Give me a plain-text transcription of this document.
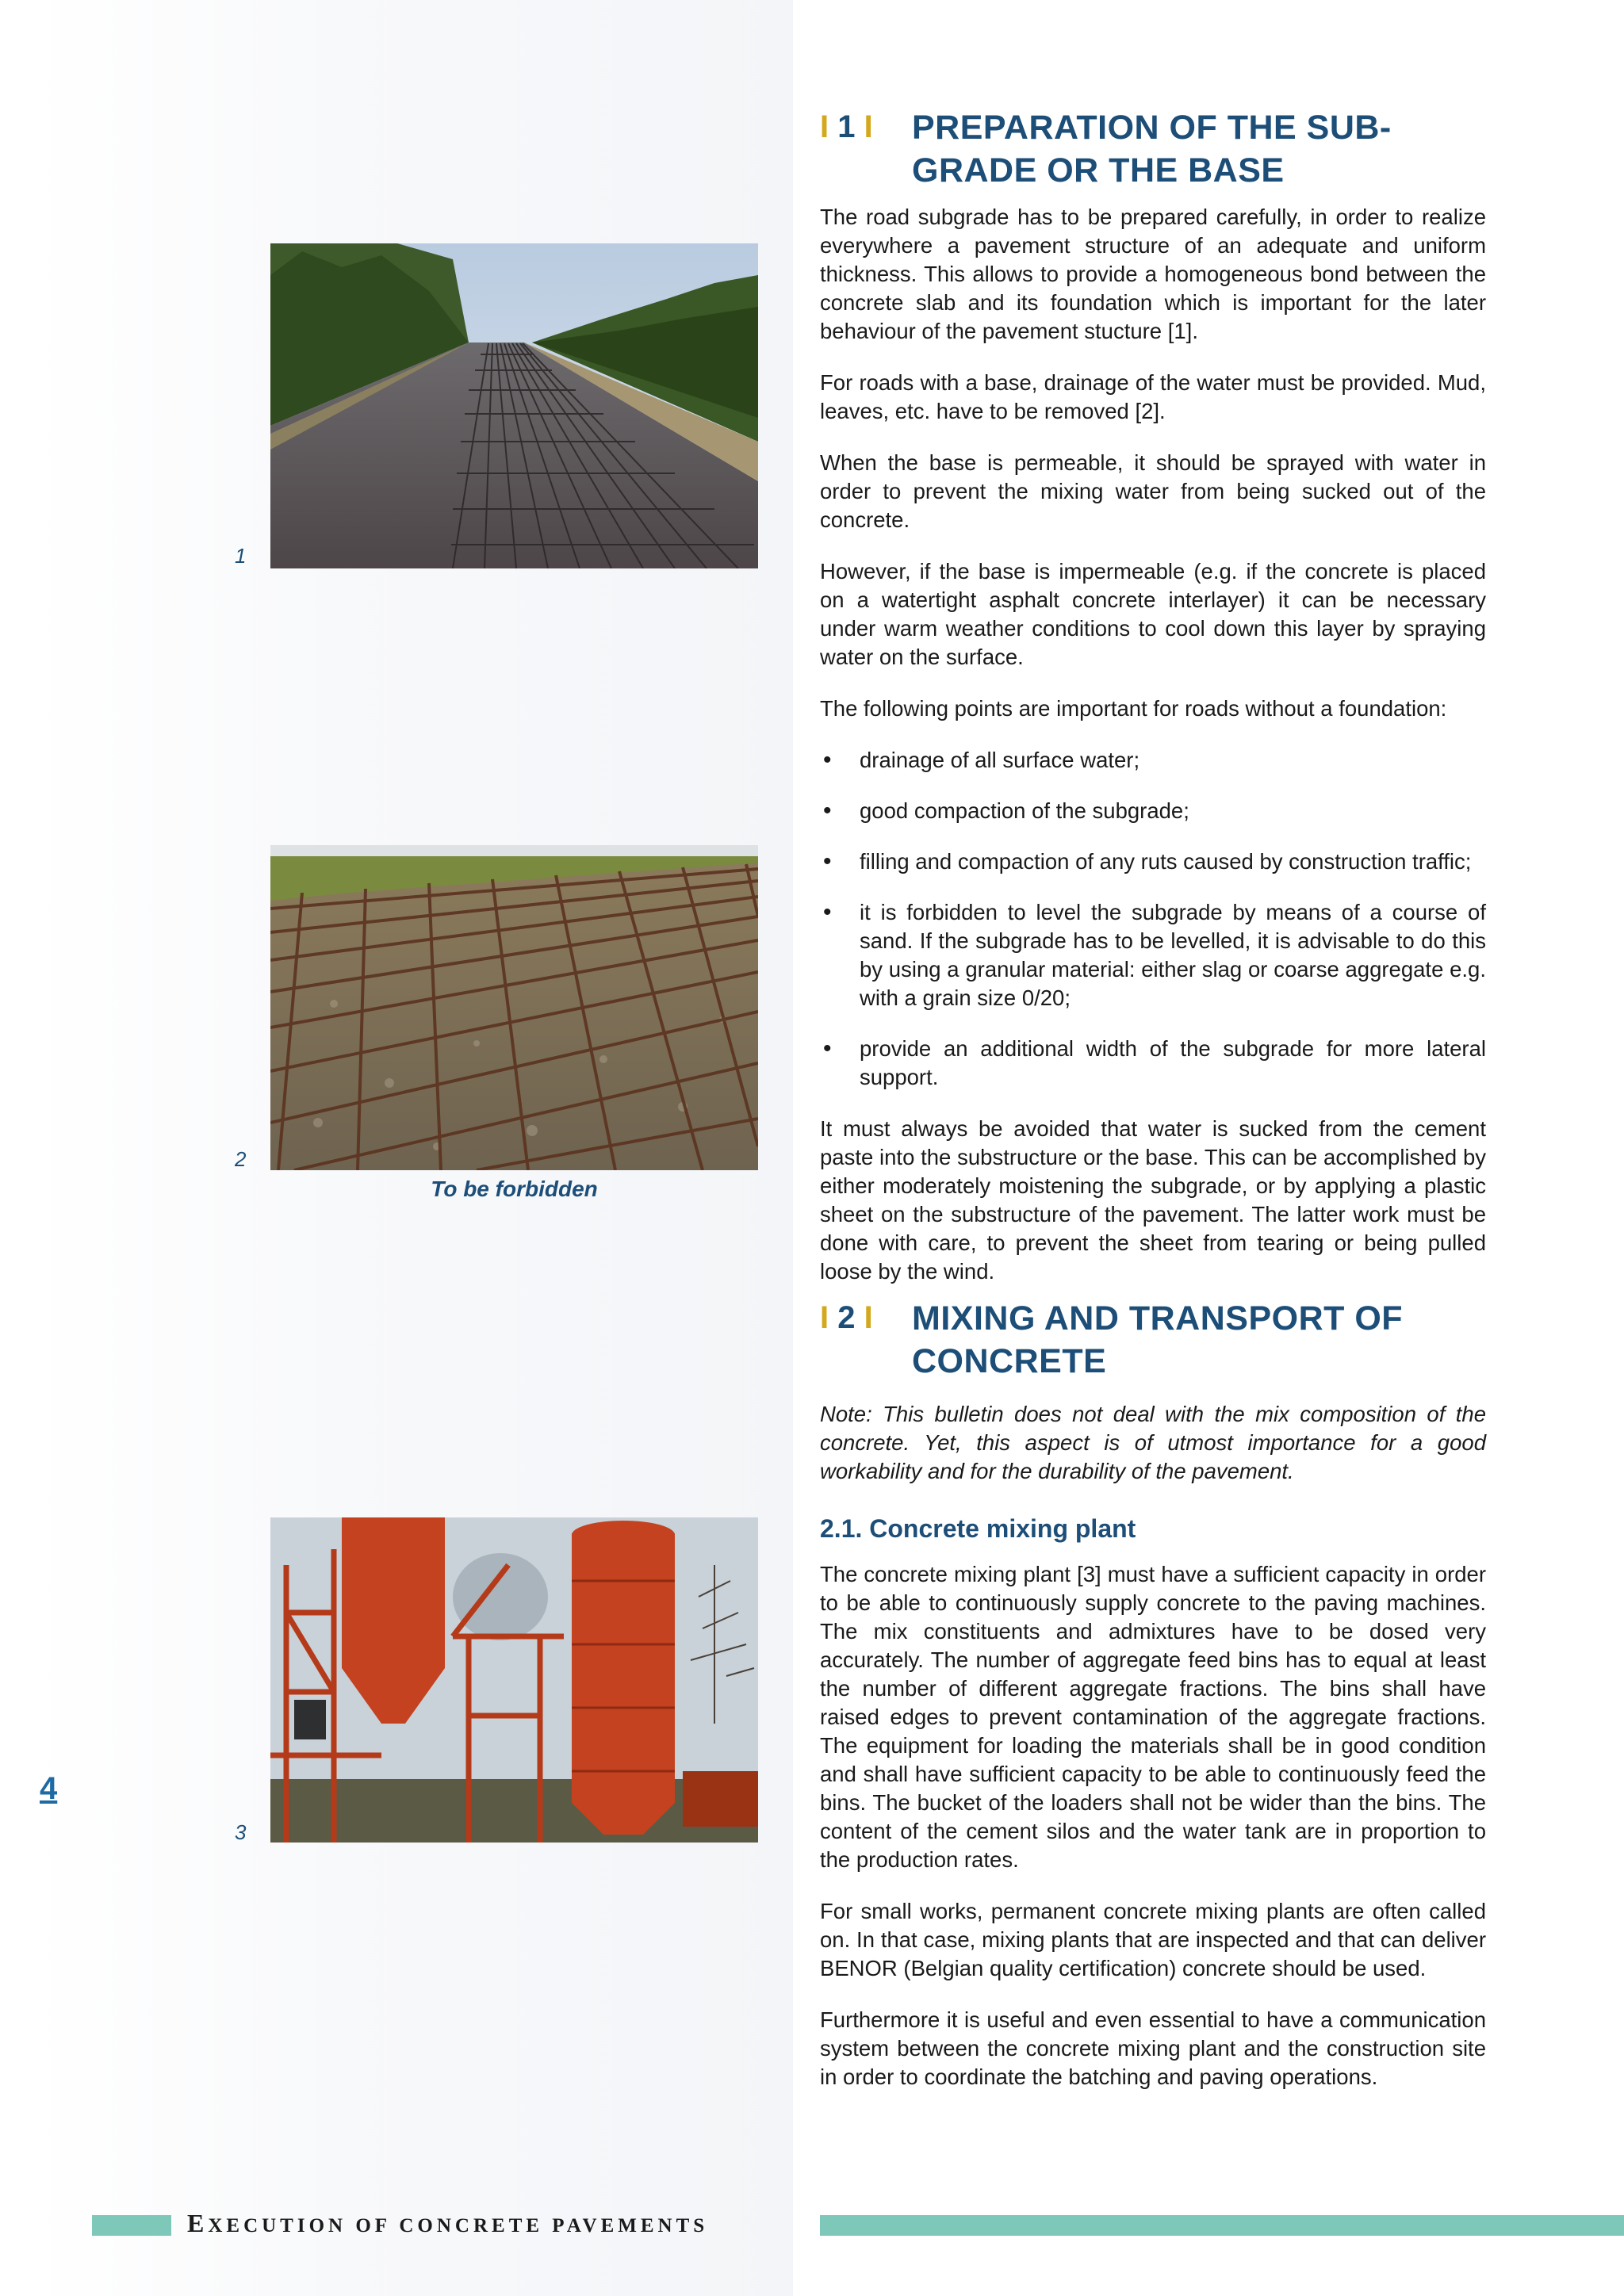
1
2
To be forbidden
3
4
I 1 I	PREPARATION OF THE SUB-
GRADE OR THE BASE

The road subgrade has to be prepared carefully, in order to realize everywhere a pavement structure of an adequate and uniform thickness. This allows to provide a homogeneous bond between the concrete slab and its foundation which is important for the later behaviour of the pavement stucture [1].

For roads with a base, drainage of the water must be provided. Mud, leaves, etc. have to be removed [2].

When the base is permeable, it should be sprayed with water in order to prevent the mixing water from being sucked out of the concrete.

However, if the base is impermeable (e.g. if the concrete is placed on a watertight asphalt concrete interlayer) it can be necessary under warm weather conditions to cool down this layer by spraying water on the surface.

The following points are important for roads without a foundation:

• drainage of all surface water;
• good compaction of the subgrade;
• filling and compaction of any ruts caused by construction traffic;
• it is forbidden to level the subgrade by means of a course of sand. If the subgrade has to be levelled, it is advisable to do this by using a granular material: either slag or coarse aggregate e.g. with a grain size 0/20;
• provide an additional width of the subgrade for more lateral support.

It must always be avoided that water is sucked from the cement paste into the substructure or the base. This can be accomplished by either moderately moistening the subgrade, or by applying a plastic sheet on the substructure of the pavement. The latter work must be done with care, to prevent the sheet from tearing or being pulled loose by the wind.

I 2 I	MIXING AND TRANSPORT OF
CONCRETE

Note: This bulletin does not deal with the mix composition of the concrete. Yet, this aspect is of utmost importance for a good workability and for the durability of the pavement.

2.1. Concrete mixing plant

The concrete mixing plant [3] must have a sufficient capacity in order to be able to continuously supply concrete to the paving machines. The mix constituents and admixtures have to be dosed very accurately. The number of aggregate feed bins has to equal at least the number of different aggregate fractions. The bins shall have raised edges to prevent contamination of the aggregate fractions. The equipment for loading the materials shall be in good condition and shall have sufficient capacity to be able to continuously feed the bins. The bucket of the loaders shall not be wider than the bins. The content of the cement silos and the water tank are in proportion to the production rates.

For small works, permanent concrete mixing plants are often called on. In that case, mixing plants that are inspected and that can deliver BENOR (Belgian quality certification) concrete should be used.

Furthermore it is useful and even essential to have a communication system between the concrete mixing plant and the construction site in order to coordinate the batching and paving operations.

EXECUTION OF CONCRETE PAVEMENTS
